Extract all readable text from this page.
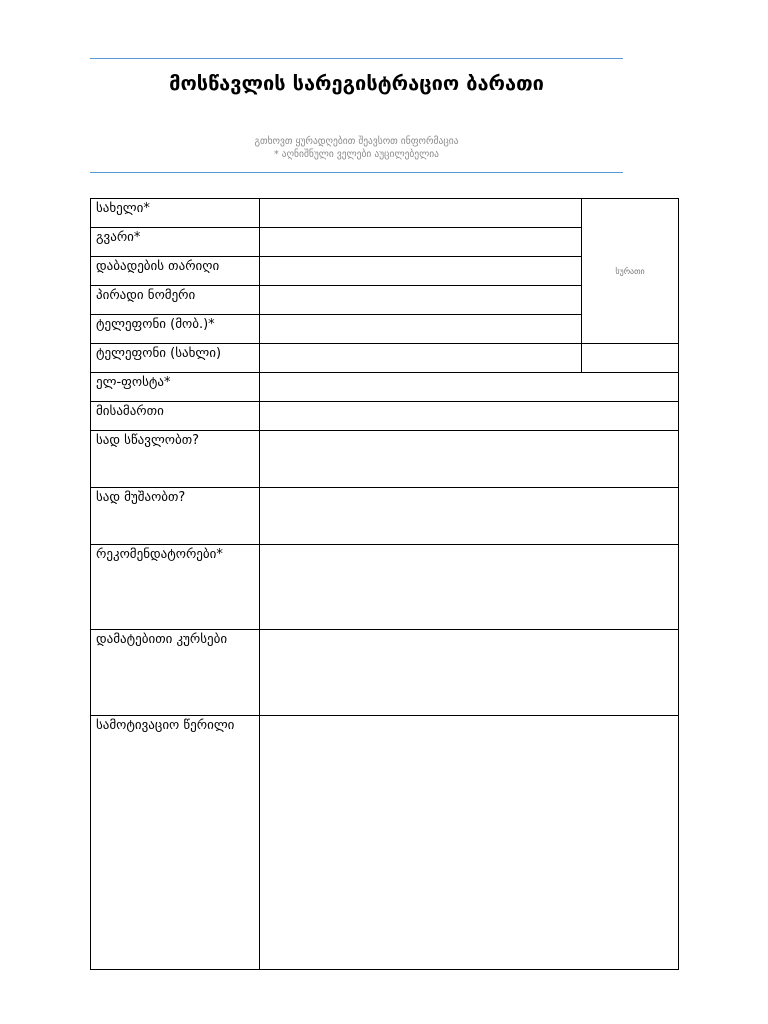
მოსწავლის სარეგისტრაციო ბარათი
გთხოვთ ყურადღებით შეავსოთ ინფორმაცია
* აღნიშნული ველები აუცილებელია
სახელი*		სურათი
გვარი*		
დაბადების თარიღი		
პირადი ნომერი		
ტელეფონი (მობ.)*		
ტელეფონი (სახლი)		
ელ-ფოსტა*		
მისამართი		
სად სწავლობთ?		
სად მუშაობთ?		
რეკომენდატორები*		
დამატებითი კურსები		
სამოტივაციო წერილი		
